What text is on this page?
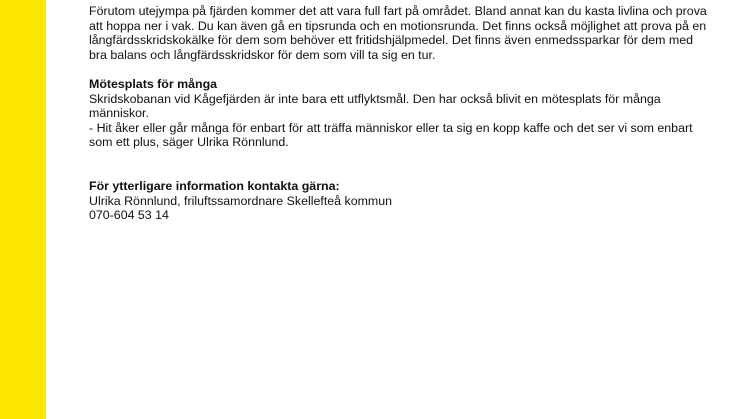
Förutom utejympa på fjärden kommer det att vara full fart på området. Bland annat kan du kasta livlina och prova att hoppa ner i vak. Du kan även gå en tipsrunda och en motionsrunda. Det finns också möjlighet att prova på en långfärdsskridskokälke för dem som behöver ett fritidshjälpmedel. Det finns även enmedssparkar för dem med bra balans och långfärdsskridskor för dem som vill ta sig en tur.

Mötesplats för många

Skridskobanan vid Kågefjärden är inte bara ett utflyktsmål. Den har också blivit en mötesplats för många människor.

- Hit åker eller går många för enbart för att träffa människor eller ta sig en kopp kaffe och det ser vi som enbart som ett plus, säger Ulrika Rönnlund.

För ytterligare information kontakta gärna:

Ulrika Rönnlund, friluftssamordnare Skellefteå kommun

070-604 53 14
